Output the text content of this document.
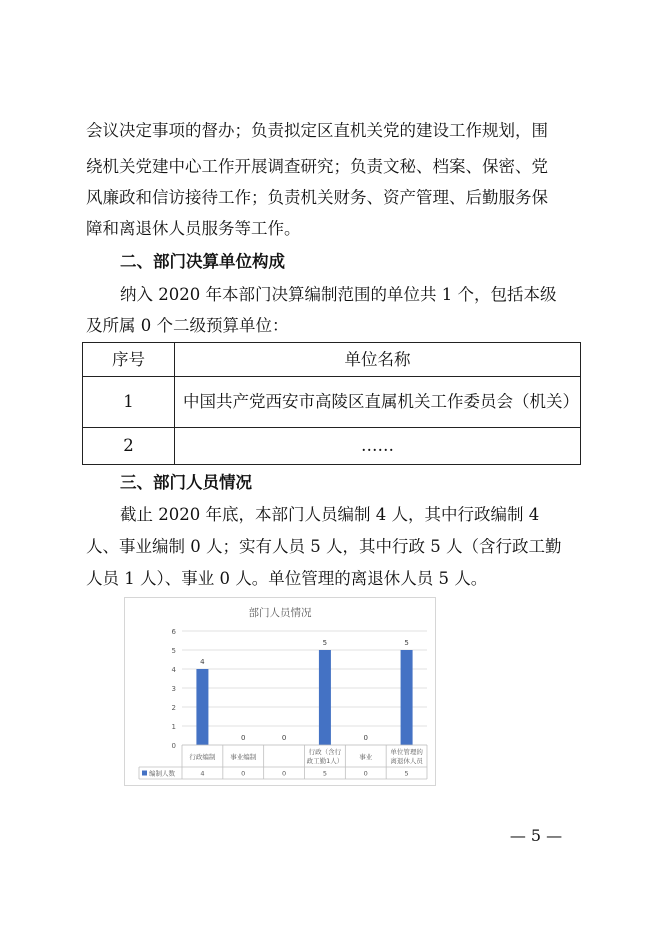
会议决定事项的督办；负责拟定区直机关党的建设工作规划，围
绕机关党建中心工作开展调查研究；负责文秘、档案、保密、党
风廉政和信访接待工作；负责机关财务、资产管理、后勤服务保
障和离退休人员服务等工作。
二、部门决算单位构成
纳入 2020 年本部门决算编制范围的单位共 1 个，包括本级
及所属 0 个二级预算单位：
序号	单位名称
1	中国共产党西安市高陵区直属机关工作委员会（机关）
2	……
三、部门人员情况
截止 2020 年底，本部门人员编制 4 人，其中行政编制 4
人、事业编制 0 人；实有人员 5 人，其中行政 5 人（含行政工勤
人员 1 人）、事业 0 人。单位管理的离退休人员 5 人。
部门人员情况
0
1
2
3
4
5
6
4
0	0
5
0
5
行政编制 事业编制
行政（含行
政工勤1人） 事业
单位管理的
离退休人员
编制人数	4	0	0	5	0	5
— 5 —
